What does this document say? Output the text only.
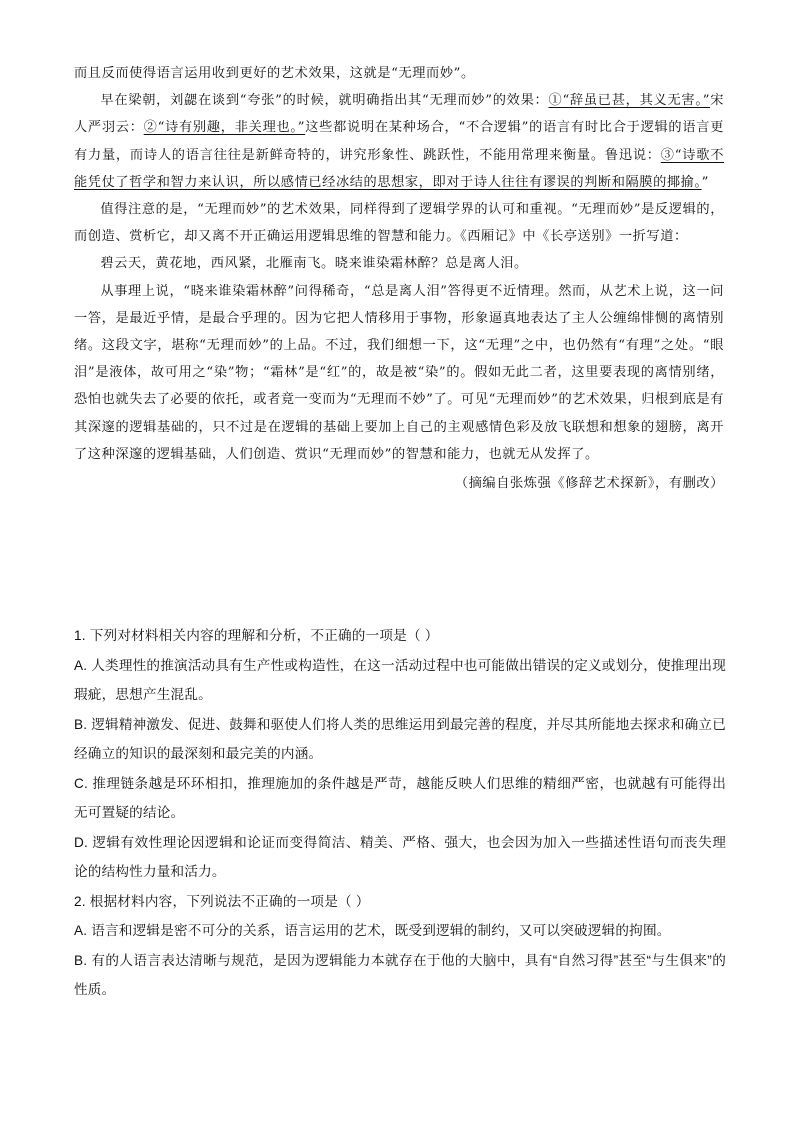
而且反而使得语言运用收到更好的艺术效果，这就是“无理而妙”。

早在梁朝，刘勰在谈到“夸张”的时候，就明确指出其“无理而妙”的效果：①“辞虽已甚，其义无害。”宋人严羽云：②“诗有别趣，非关理也。”这些都说明在某种场合，“不合逻辑”的语言有时比合于逻辑的语言更有力量，而诗人的语言往往是新鲜奇特的，讲究形象性、跳跃性，不能用常理来衡量。鲁迅说：③“诗歌不能凭仗了哲学和智力来认识，所以感情已经冰结的思想家，即对于诗人往往有谬误的判断和隔膜的揶揄。”

值得注意的是，“无理而妙”的艺术效果，同样得到了逻辑学界的认可和重视。“无理而妙”是反逻辑的，而创造、赏析它，却又离不开正确运用逻辑思维的智慧和能力。《西厢记》中《长亭送别》一折写道：

碧云天，黄花地，西风紧，北雁南飞。晓来谁染霜林醉？总是离人泪。

从事理上说，“晓来谁染霜林醉”问得稀奇，“总是离人泪”答得更不近情理。然而，从艺术上说，这一问一答，是最近乎情，是最合乎理的。因为它把人情移用于事物，形象逼真地表达了主人公缠绵悱恻的离情别绪。这段文字，堪称“无理而妙”的上品。不过，我们细想一下，这“无理”之中，也仍然有“有理”之处。“眼泪”是液体，故可用之“染”物；“霜林”是“红”的，故是被“染”的。假如无此二者，这里要表现的离情别绪，恐怕也就失去了必要的依托，或者竟一变而为“无理而不妙”了。可见“无理而妙”的艺术效果，归根到底是有其深邃的逻辑基础的，只不过是在逻辑的基础上要加上自己的主观感情色彩及放飞联想和想象的翅膀，离开了这种深邃的逻辑基础，人们创造、赏识“无理而妙”的智慧和能力，也就无从发挥了。

（摘编自张炼强《修辞艺术探新》，有删改）

1. 下列对材料相关内容的理解和分析，不正确的一项是（ ）

A. 人类理性的推演活动具有生产性或构造性，在这一活动过程中也可能做出错误的定义或划分，使推理出现瑕疵，思想产生混乱。

B. 逻辑精神激发、促进、鼓舞和驱使人们将人类的思维运用到最完善的程度，并尽其所能地去探求和确立已经确立的知识的最深刻和最完美的内涵。

C. 推理链条越是环环相扣，推理施加的条件越是严苛，越能反映人们思维的精细严密，也就越有可能得出无可置疑的结论。

D. 逻辑有效性理论因逻辑和论证而变得简洁、精美、严格、强大，也会因为加入一些描述性语句而丧失理论的结构性力量和活力。

2. 根据材料内容，下列说法不正确的一项是（ ）

A. 语言和逻辑是密不可分的关系，语言运用的艺术，既受到逻辑的制约，又可以突破逻辑的拘囿。

B. 有的人语言表达清晰与规范，是因为逻辑能力本就存在于他的大脑中，具有“自然习得”甚至“与生俱来”的性质。
